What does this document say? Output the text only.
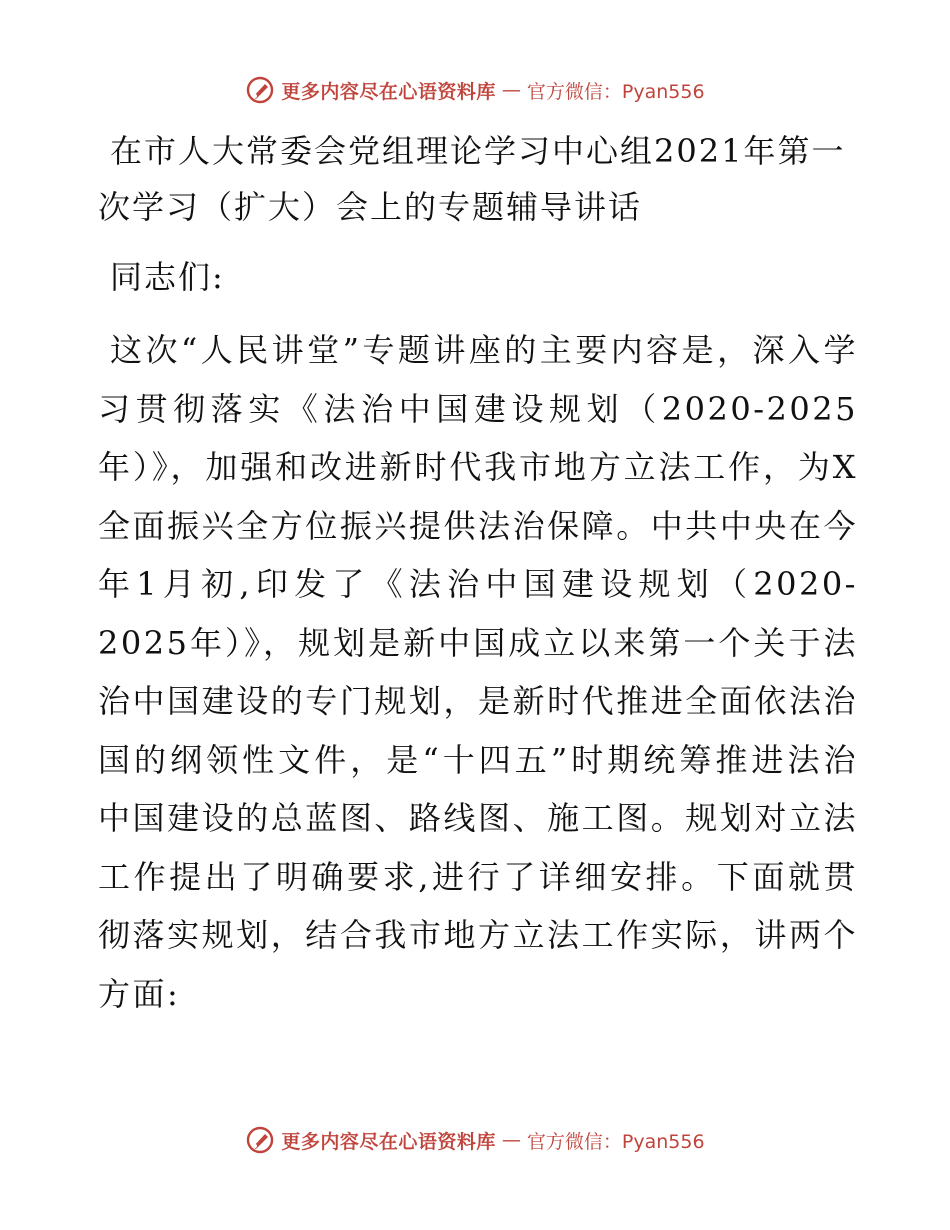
更多内容尽在心语资料库 — 官方微信：Pyan556
在市人大常委会党组理论学习中心组2021年第一次学习（扩大）会上的专题辅导讲话

同志们:

这次“人民讲堂”专题讲座的主要内容是，深入学习贯彻落实《法治中国建设规划（2020-2025年）》，加强和改进新时代我市地方立法工作，为X全面振兴全方位振兴提供法治保障。中共中央在今年1月初,印发了《法治中国建设规划（2020-2025年）》，规划是新中国成立以来第一个关于法治中国建设的专门规划，是新时代推进全面依法治国的纲领性文件，是“十四五”时期统筹推进法治中国建设的总蓝图、路线图、施工图。规划对立法工作提出了明确要求,进行了详细安排。下面就贯彻落实规划，结合我市地方立法工作实际，讲两个方面:

更多内容尽在心语资料库 — 官方微信：Pyan556
